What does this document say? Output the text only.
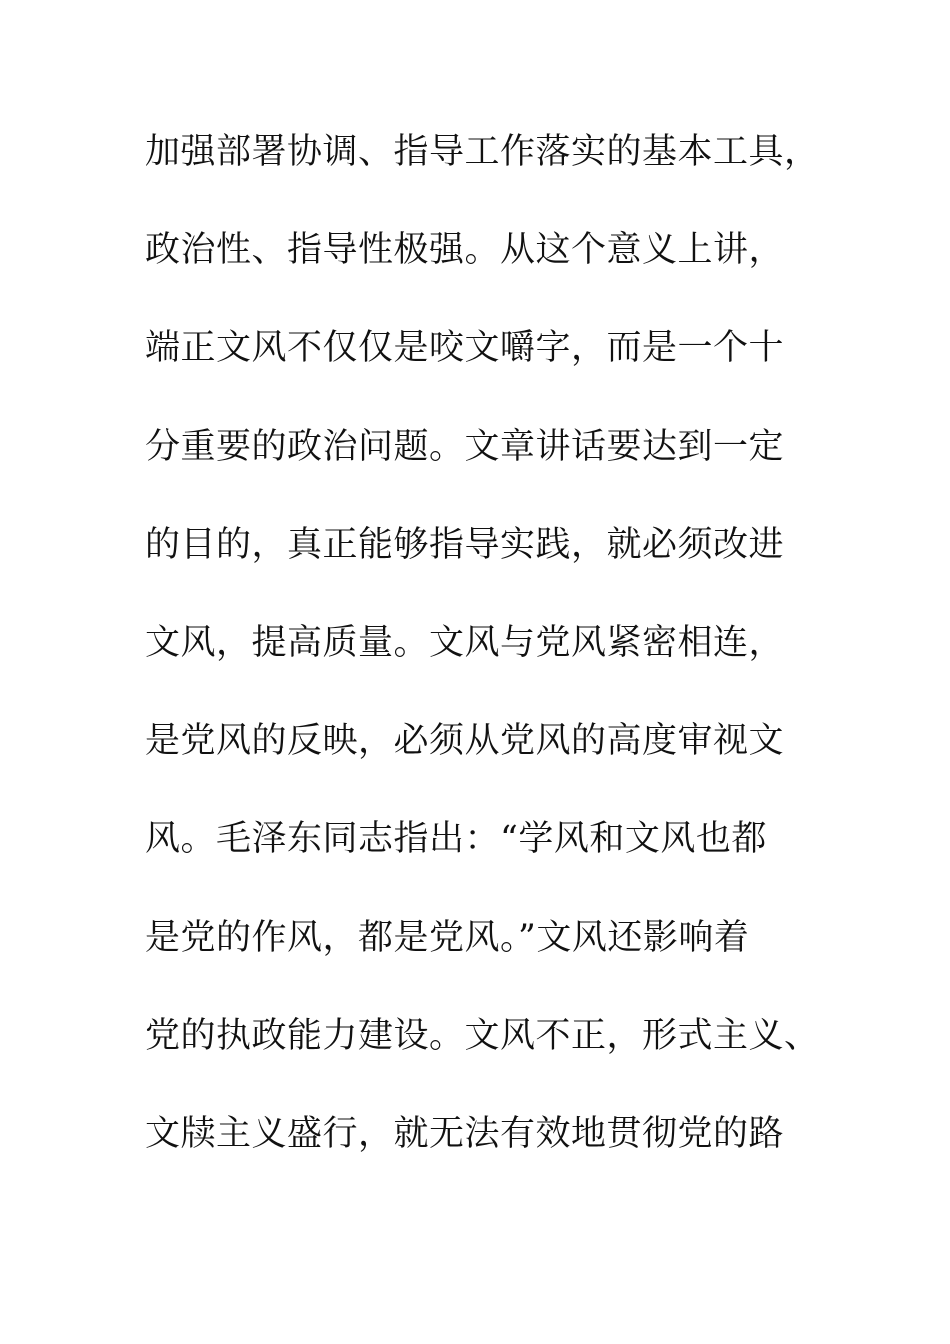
加强部署协调、指导工作落实的基本工具，
政治性、指导性极强。从这个意义上讲，
端正文风不仅仅是咬文嚼字，而是一个十
分重要的政治问题。文章讲话要达到一定
的目的，真正能够指导实践，就必须改进
文风，提高质量。文风与党风紧密相连，
是党风的反映，必须从党风的高度审视文
风。毛泽东同志指出：“学风和文风也都
是党的作风，都是党风。”文风还影响着
党的执政能力建设。文风不正，形式主义、
文牍主义盛行，就无法有效地贯彻党的路
